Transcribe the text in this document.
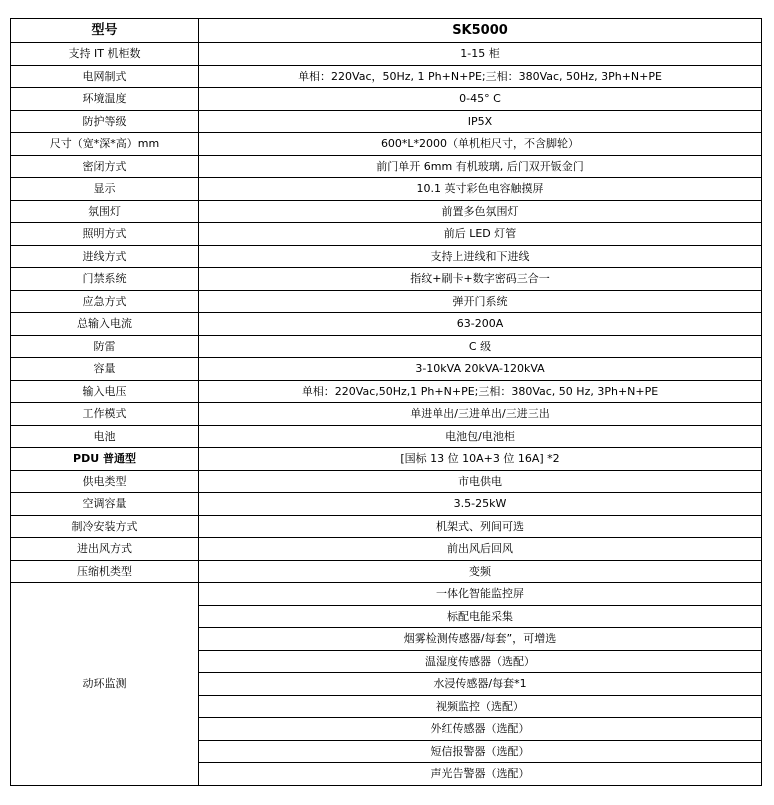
型号	SK5000
支持 IT 机柜数	1-15 柜
电网制式	单相：220Vac，50Hz, 1 Ph+N+PE;三相：380Vac, 50Hz, 3Ph+N+PE
环境温度	0-45° C
防护等级	IP5X
尺寸（宽*深*高）mm	600*L*2000（单机柜尺寸，不含脚轮）
密闭方式	前门单开 6mm 有机玻璃, 后门双开钣金门
显示	10.1 英寸彩色电容触摸屏
氛围灯	前置多色氛围灯
照明方式	前后 LED 灯管
进线方式	支持上进线和下进线
门禁系统	指纹+刷卡+数字密码三合一
应急方式	弹开门系统
总输入电流	63-200A
防雷	C 级
容量	3-10kVA 20kVA-120kVA
输入电压	单相：220Vac,50Hz,1 Ph+N+PE;三相：380Vac, 50 Hz, 3Ph+N+PE
工作模式	单进单出/三进单出/三进三出
电池	电池包/电池柜
PDU 普通型	[国标 13 位 10A+3 位 16A] *2
供电类型	市电供电
空调容量	3.5-25kW
制冷安装方式	机架式、列间可选
进出风方式	前出风后回风
压缩机类型	变频
动环监测	一体化智能监控屏
	标配电能采集
	烟雾检测传感器/每套”，可增选
	温湿度传感器（选配）
	水浸传感器/每套*1
	视频监控（选配）
	外红传感器（选配）
	短信报警器（选配）
	声光告警器（选配）
